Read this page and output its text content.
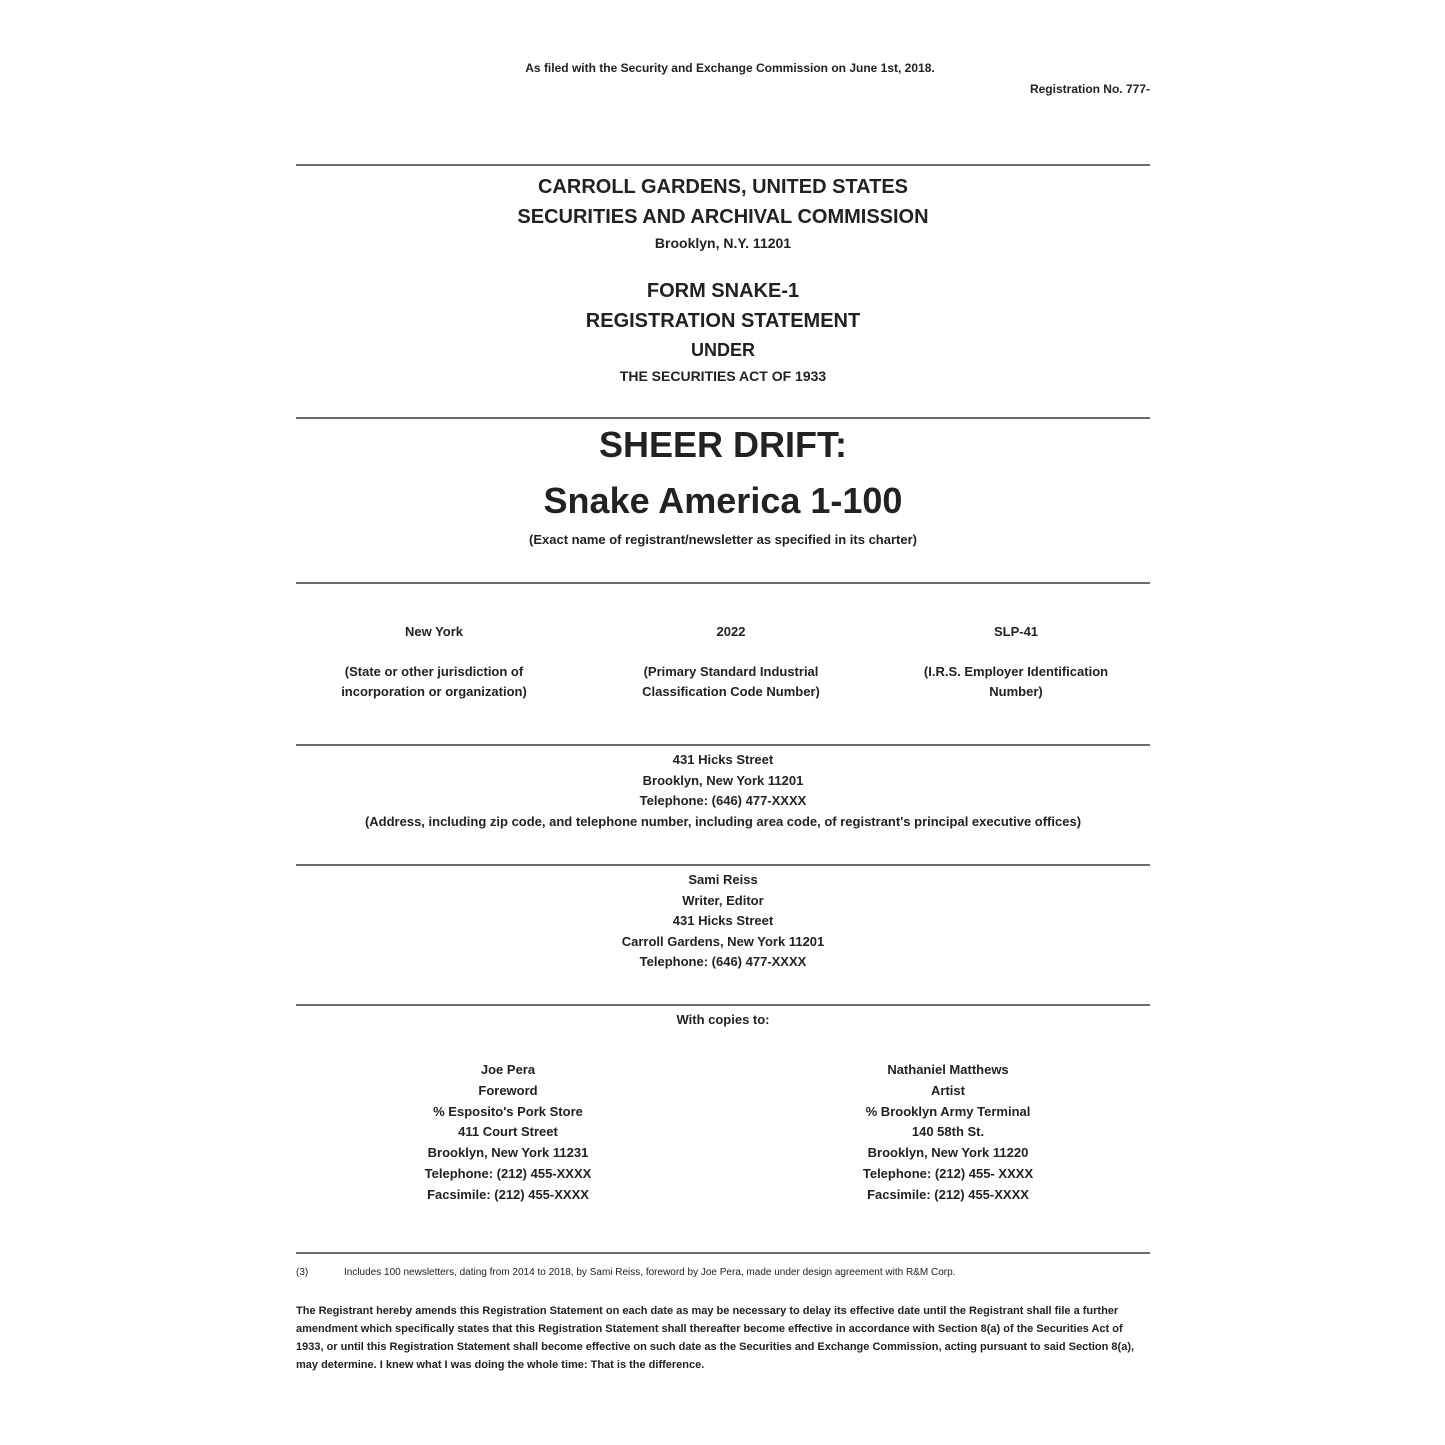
As filed with the Security and Exchange Commission on June 1st, 2018.
Registration No. 777-
CARROLL GARDENS, UNITED STATES
SECURITIES AND ARCHIVAL COMMISSION
Brooklyn, N.Y. 11201
FORM SNAKE-1
REGISTRATION STATEMENT
UNDER
THE SECURITIES ACT OF 1933
SHEER DRIFT:
Snake America 1-100
(Exact name of registrant/newsletter as specified in its charter)
New York
(State or other jurisdiction of
incorporation or organization)
2022
(Primary Standard Industrial
Classification Code Number)
SLP-41
(I.R.S. Employer Identification
Number)
431 Hicks Street
Brooklyn, New York 11201
Telephone: (646) 477-XXXX
(Address, including zip code, and telephone number, including area code, of registrant's principal executive offices)
Sami Reiss
Writer, Editor
431 Hicks Street
Carroll Gardens, New York 11201
Telephone: (646) 477-XXXX
With copies to:
Joe Pera
Foreword
% Esposito's Pork Store
411 Court Street
Brooklyn, New York 11231
Telephone: (212) 455-XXXX
Facsimile: (212) 455-XXXX
Nathaniel Matthews
Artist
% Brooklyn Army Terminal
140 58th St.
Brooklyn, New York 11220
Telephone: (212) 455- XXXX
Facsimile: (212) 455-XXXX
(3)	Includes 100 newsletters, dating from 2014 to 2018, by Sami Reiss, foreword by Joe Pera, made under design agreement with R&M Corp.
The Registrant hereby amends this Registration Statement on each date as may be necessary to delay its effective date until the Registrant shall file a further amendment which specifically states that this Registration Statement shall thereafter become effective in accordance with Section 8(a) of the Securities Act of 1933, or until this Registration Statement shall become effective on such date as the Securities and Exchange Commission, acting pursuant to said Section 8(a), may determine. I knew what I was doing the whole time: That is the difference.
